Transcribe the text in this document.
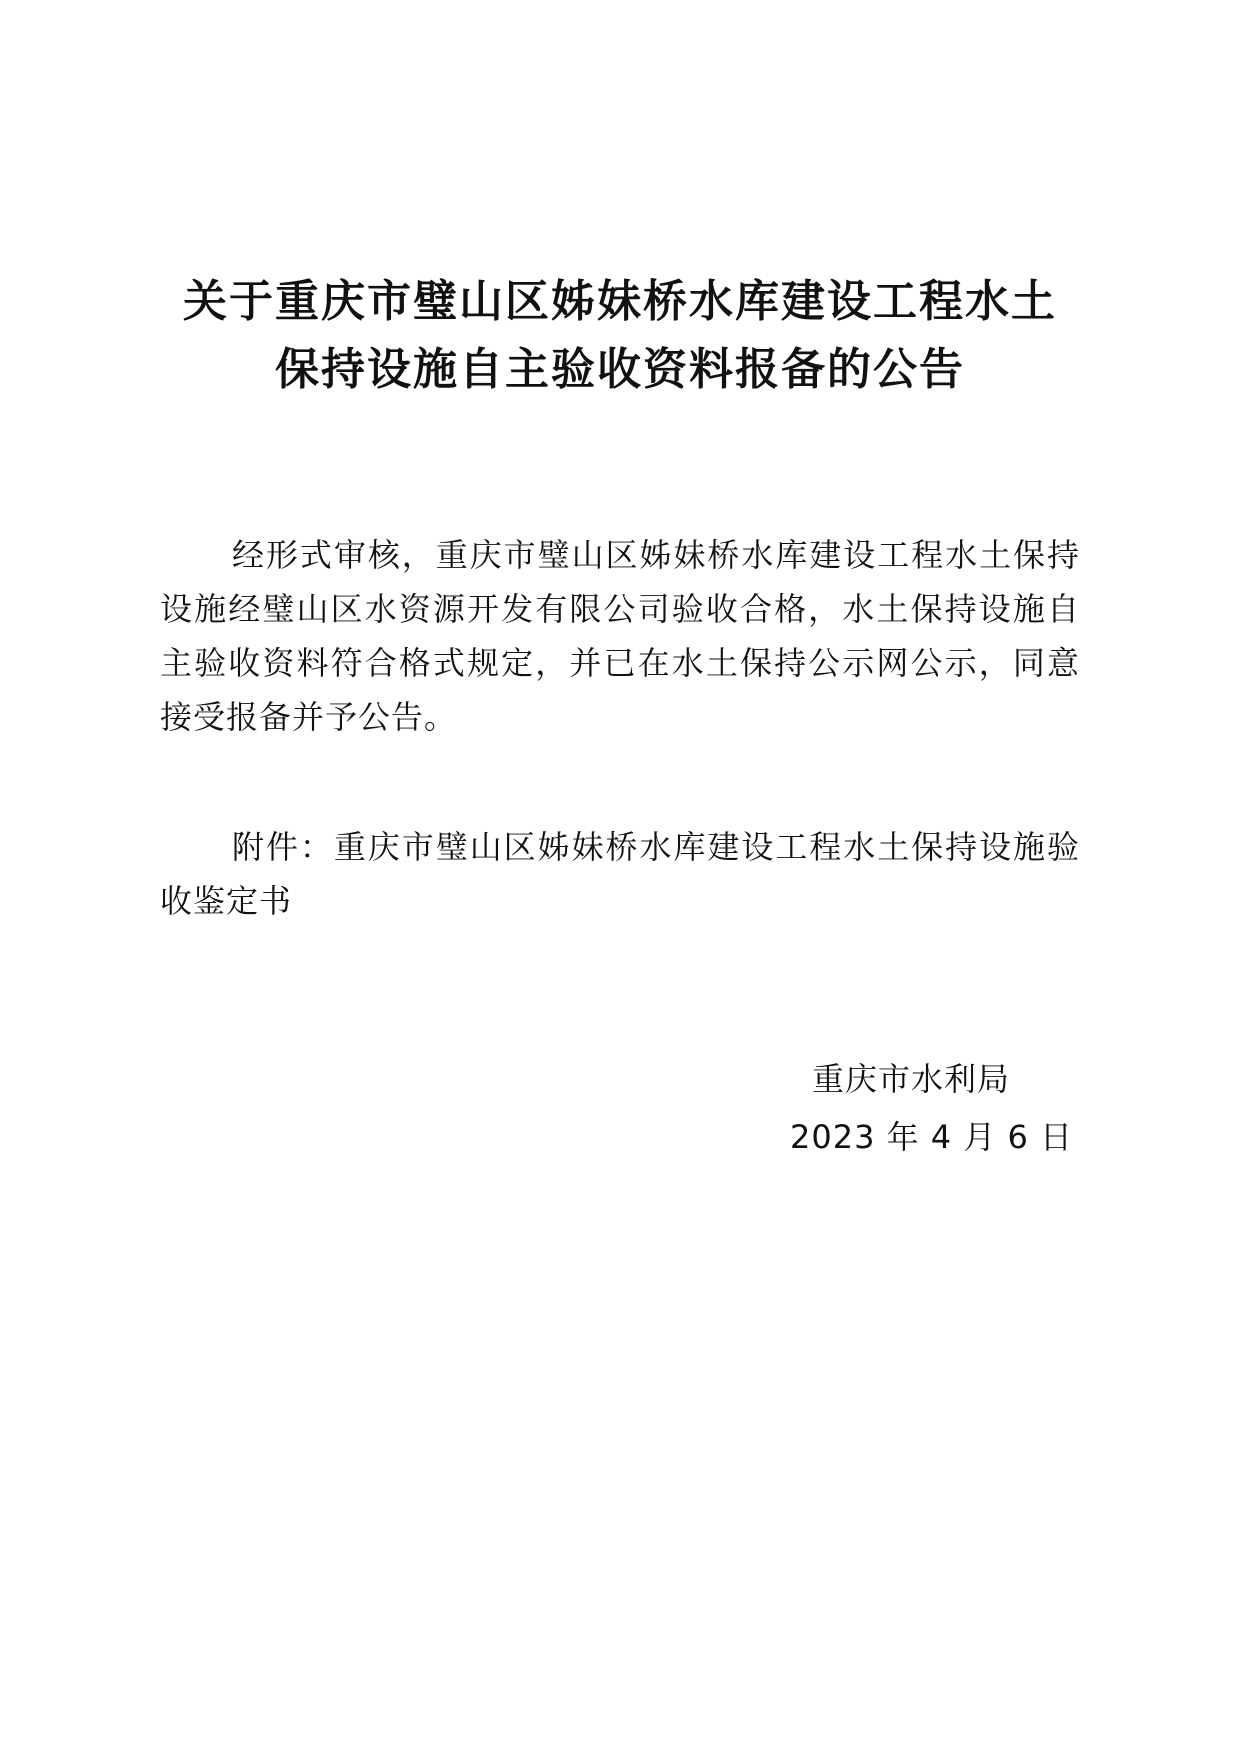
关于重庆市璧山区姊妹桥水库建设工程水土
保持设施自主验收资料报备的公告

经形式审核，重庆市璧山区姊妹桥水库建设工程水土保持设施经璧山区水资源开发有限公司验收合格，水土保持设施自主验收资料符合格式规定，并已在水土保持公示网公示，同意接受报备并予公告。

附件：重庆市璧山区姊妹桥水库建设工程水土保持设施验收鉴定书

重庆市水利局

2023 年 4 月 6 日
